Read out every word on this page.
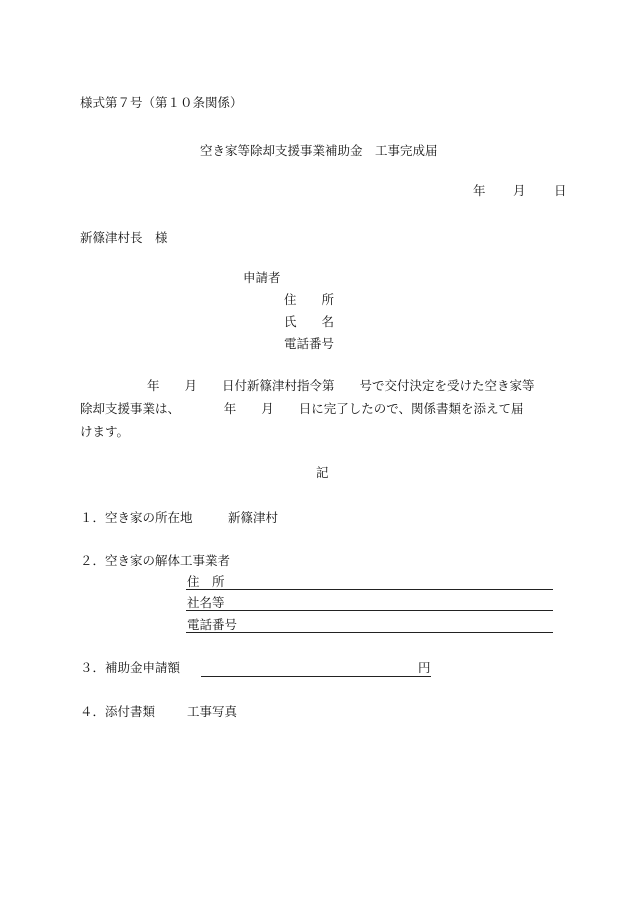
様式第７号（第１０条関係）
空き家等除却支援事業補助金　工事完成届
年 月 日
新篠津村長　様
申請者
住　　所
氏　　名
電話番号
年　　月　　日付新篠津村指令第　　号で交付決定を受けた空き家等
除却支援事業は、　　　　年　　月　　日に完了したので、関係書類を添えて届
けます。
記
１．空き家の所在地	新篠津村
２．空き家の解体工事業者
住　所
社名等
電話番号
３．補助金申請額	円
４．添付書類	工事写真
